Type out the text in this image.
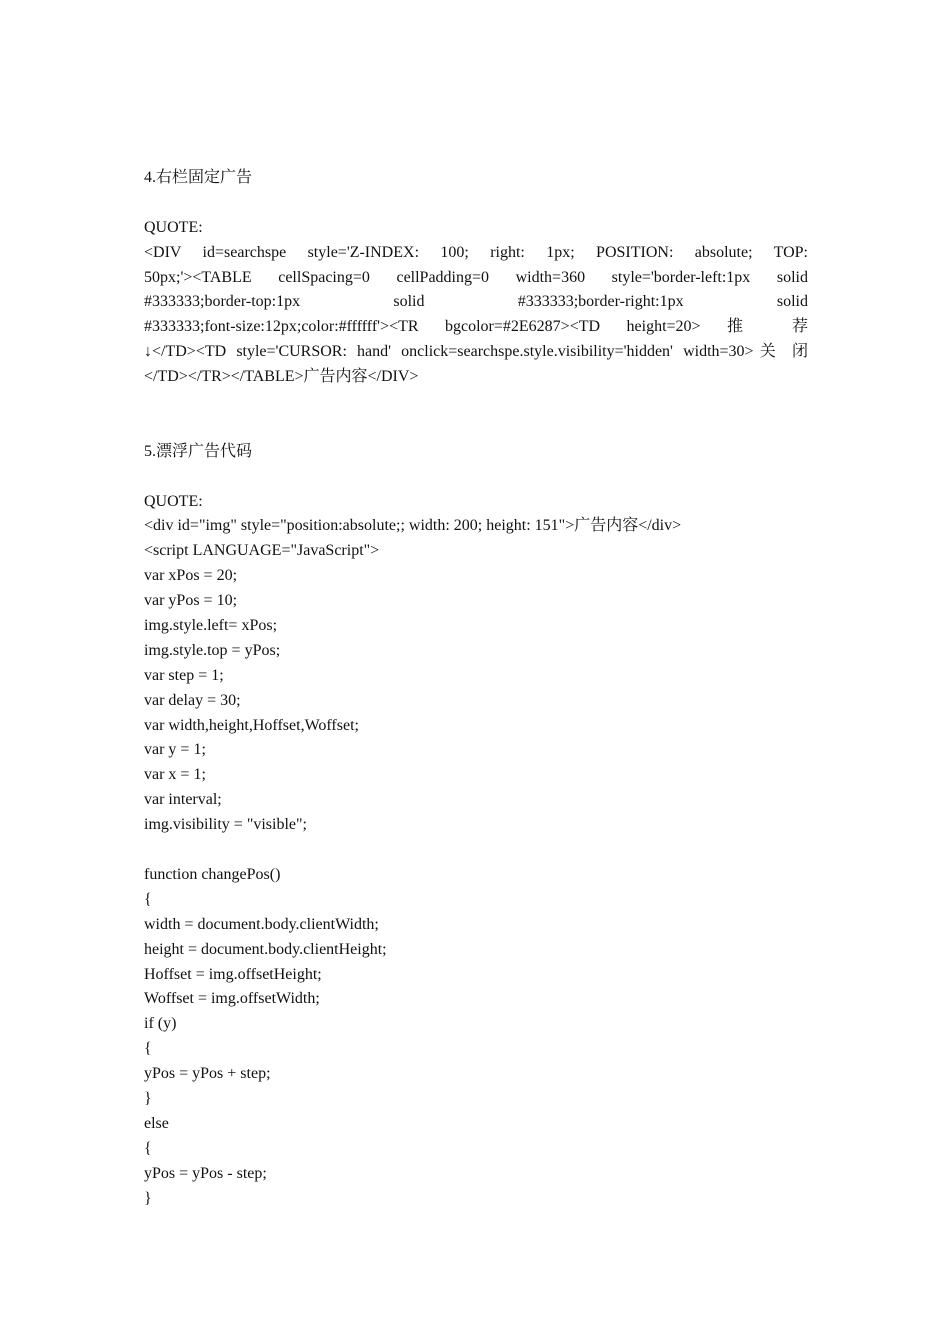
4.右栏固定广告
QUOTE:
<DIV id=searchspe style='Z-INDEX: 100; right: 1px; POSITION: absolute; TOP:
50px;'><TABLE cellSpacing=0 cellPadding=0 width=360 style='border-left:1px solid
#333333;border-top:1px solid #333333;border-right:1px solid
#333333;font-size:12px;color:#ffffff'><TR bgcolor=#2E6287><TD height=20> 推 荐
↓</TD><TD style='CURSOR: hand' onclick=searchspe.style.visibility='hidden' width=30>关 闭
</TD></TR></TABLE>广告内容</DIV>
5.漂浮广告代码
QUOTE:
<div id="img" style="position:absolute;; width: 200; height: 151">广告内容</div>
<script LANGUAGE="JavaScript">
var xPos = 20;
var yPos = 10;
img.style.left= xPos;
img.style.top = yPos;
var step = 1;
var delay = 30;
var width,height,Hoffset,Woffset;
var y = 1;
var x = 1;
var interval;
img.visibility = "visible";
function changePos()
{
width = document.body.clientWidth;
height = document.body.clientHeight;
Hoffset = img.offsetHeight;
Woffset = img.offsetWidth;
if (y)
{
yPos = yPos + step;
}
else
{
yPos = yPos - step;
}
